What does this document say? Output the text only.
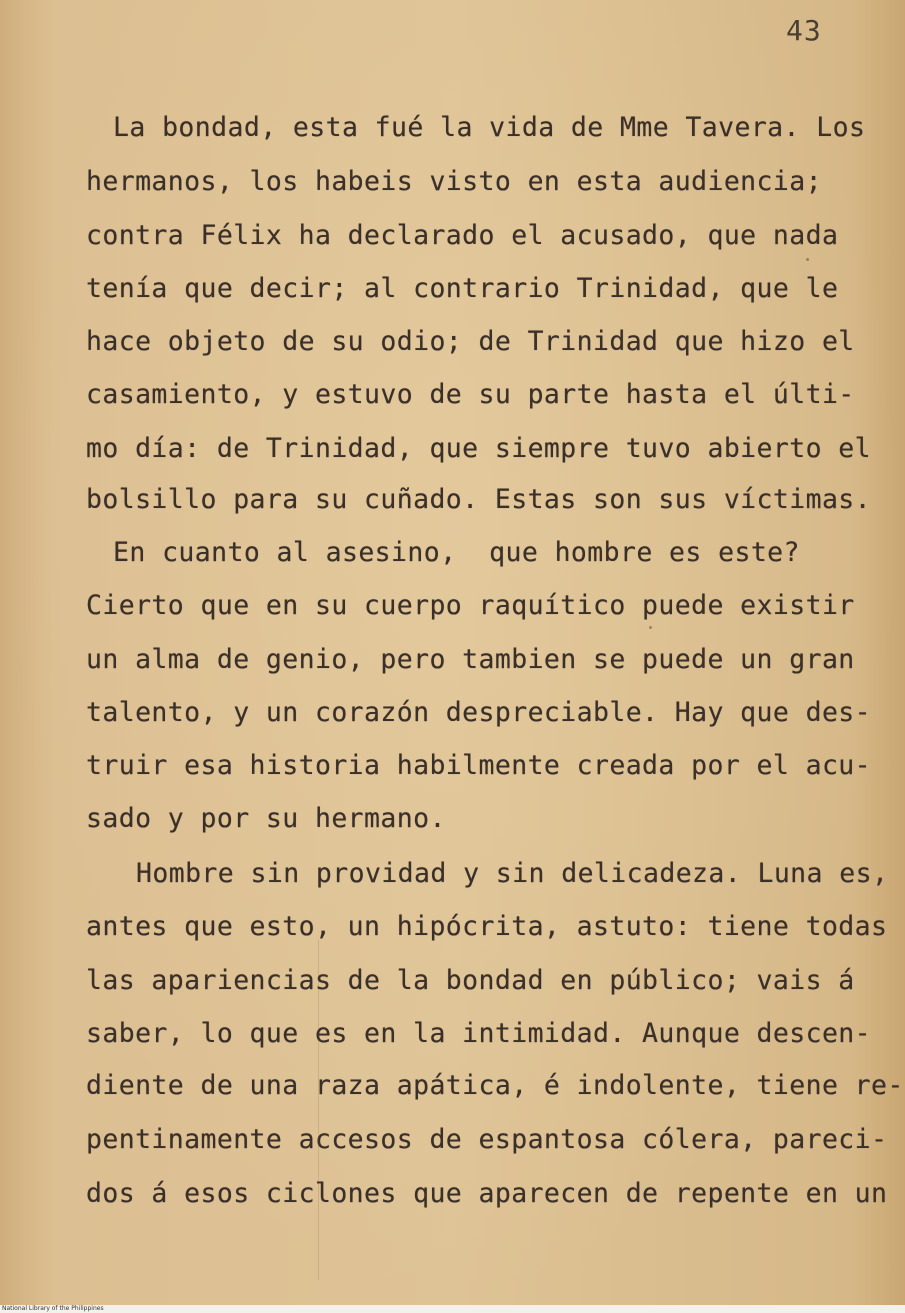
43
La bondad, esta fué la vida de Mme Tavera. Los
hermanos, los habeis visto en esta audiencia;
contra Félix ha declarado el acusado, que nada
tenía que decir; al contrario Trinidad, que le
hace objeto de su odio; de Trinidad que hizo el
casamiento, y estuvo de su parte hasta el últi-
mo día: de Trinidad, que siempre tuvo abierto el
bolsillo para su cuñado. Estas son sus víctimas.
En cuanto al asesino,  que hombre es este?
Cierto que en su cuerpo raquítico puede existir
un alma de genio, pero tambien se puede un gran
talento, y un corazón despreciable. Hay que des-
truir esa historia habilmente creada por el acu-
sado y por su hermano.
Hombre sin providad y sin delicadeza. Luna es,
antes que esto, un hipócrita, astuto: tiene todas
las apariencias de la bondad en público; vais á
saber, lo que es en la intimidad. Aunque descen-
diente de una raza apática, é indolente, tiene re-
pentinamente accesos de espantosa cólera, pareci-
dos á esos ciclones que aparecen de repente en un
National Library of the Philippines
